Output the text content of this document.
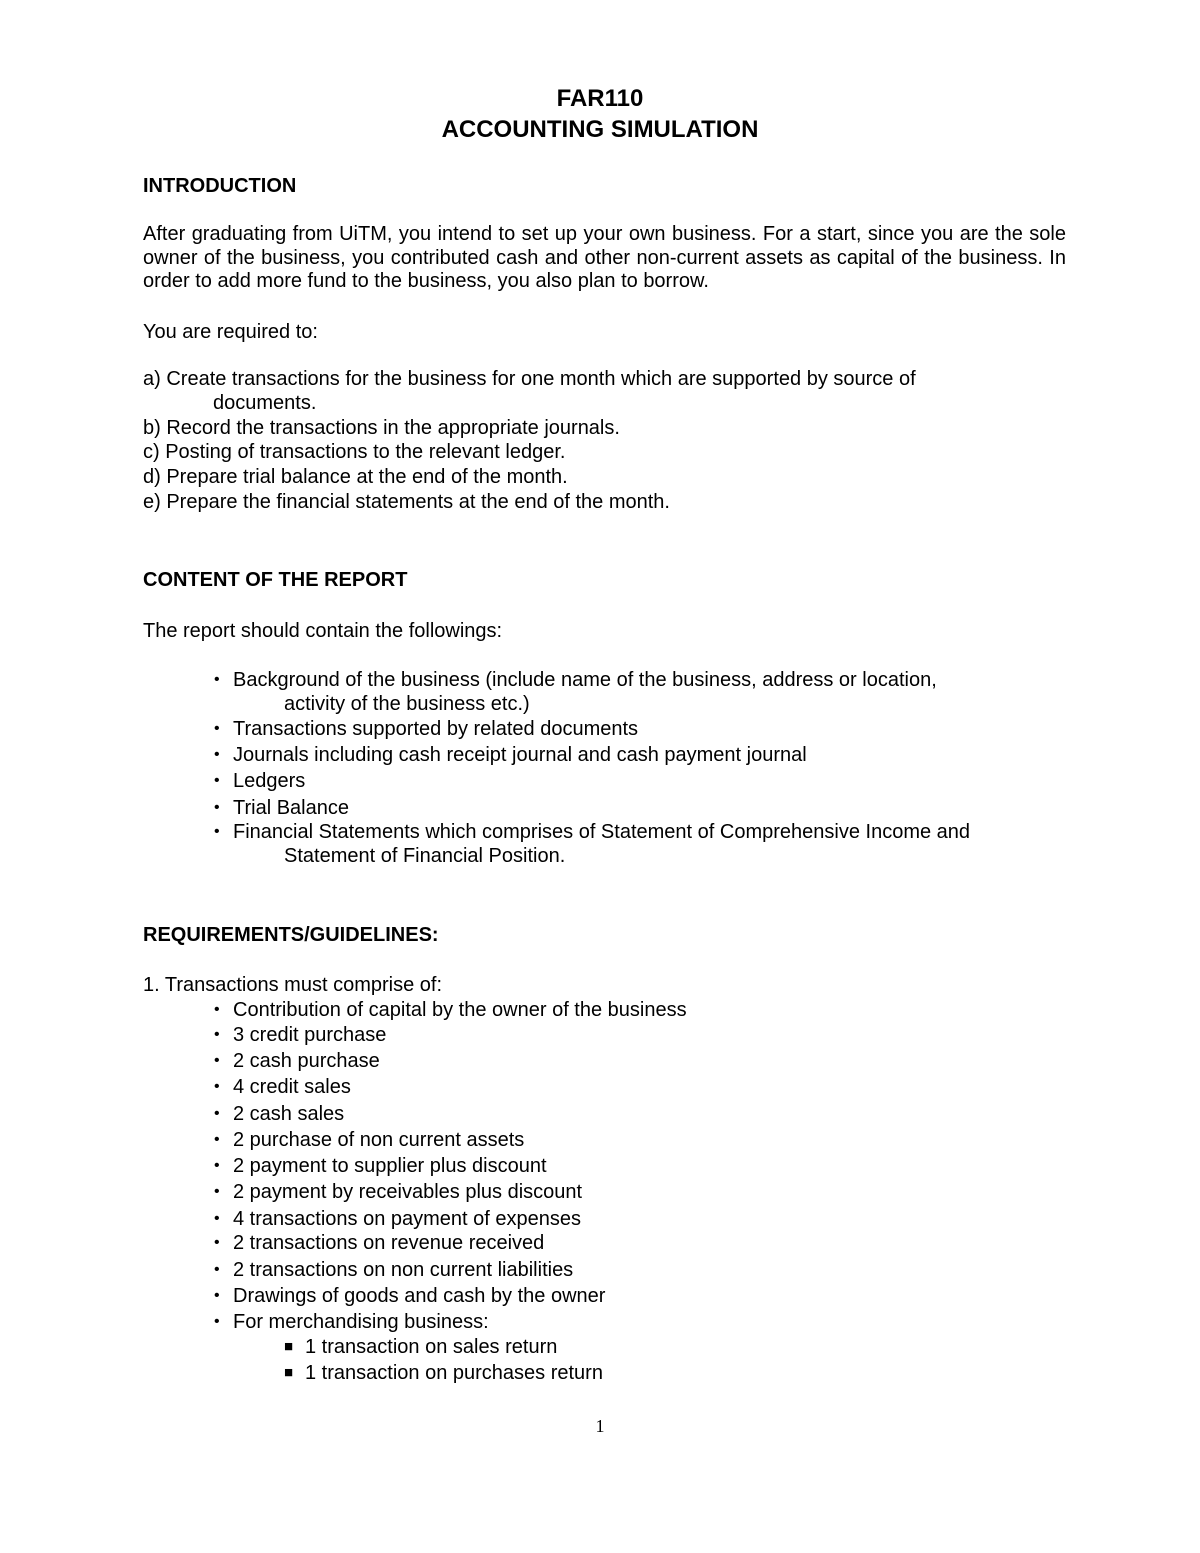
FAR110
ACCOUNTING SIMULATION
INTRODUCTION
After graduating from UiTM, you intend to set up your own business. For a start, since you are the sole owner of the business, you contributed cash and other non-current assets as capital of the business. In order to add more fund to the business, you also plan to borrow.
You are required to:
a) Create transactions for the business for one month which are supported by source of
documents.
b) Record the transactions in the appropriate journals.
c) Posting of transactions to the relevant ledger.
d) Prepare trial balance at the end of the month.
e) Prepare the financial statements at the end of the month.
CONTENT OF THE REPORT
The report should contain the followings:
• Background of the business (include name of the business, address or location,
activity of the business etc.)
• Transactions supported by related documents
• Journals including cash receipt journal and cash payment journal
• Ledgers
• Trial Balance
• Financial Statements which comprises of Statement of Comprehensive Income and
Statement of Financial Position.
REQUIREMENTS/GUIDELINES:
1. Transactions must comprise of:
• Contribution of capital by the owner of the business
• 3 credit purchase
• 2 cash purchase
• 4 credit sales
• 2 cash sales
• 2 purchase of non current assets
• 2 payment to supplier plus discount
• 2 payment by receivables plus discount
• 4 transactions on payment of expenses
• 2 transactions on revenue received
• 2 transactions on non current liabilities
• Drawings of goods and cash by the owner
• For merchandising business:
■ 1 transaction on sales return
■ 1 transaction on purchases return
1
